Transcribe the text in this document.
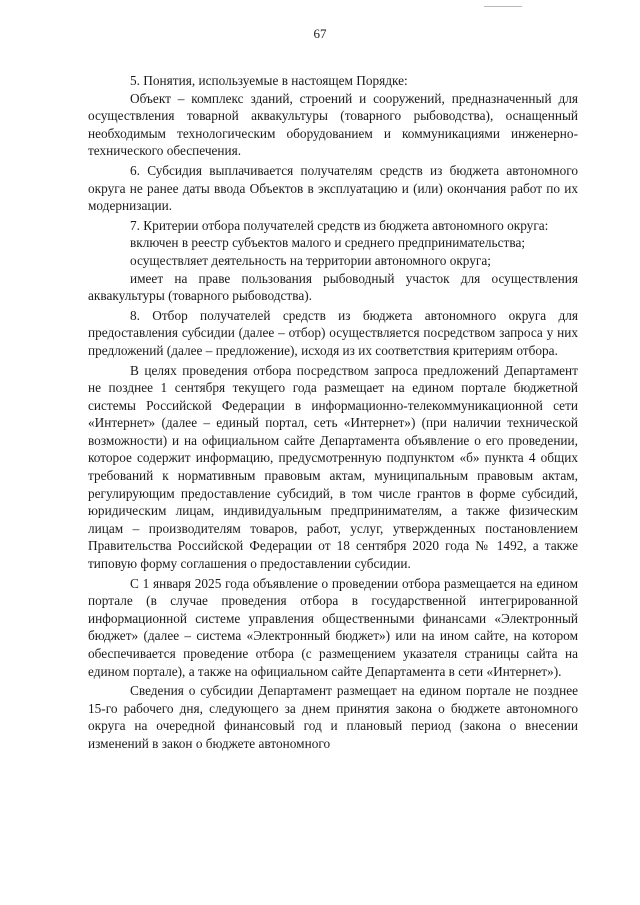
67

5. Понятия, используемые в настоящем Порядке:

Объект – комплекс зданий, строений и сооружений, предназначенный для осуществления товарной аквакультуры (товарного рыбоводства), оснащенный необходимым технологическим оборудованием и коммуникациями инженерно-технического обеспечения.

6. Субсидия выплачивается получателям средств из бюджета автономного округа не ранее даты ввода Объектов в эксплуатацию и (или) окончания работ по их модернизации.

7. Критерии отбора получателей средств из бюджета автономного округа:

включен в реестр субъектов малого и среднего предпринимательства;

осуществляет деятельность на территории автономного округа;

имеет на праве пользования рыбоводный участок для осуществления аквакультуры (товарного рыбоводства).

8. Отбор получателей средств из бюджета автономного округа для предоставления субсидии (далее – отбор) осуществляется посредством запроса у них предложений (далее – предложение), исходя из их соответствия критериям отбора.

В целях проведения отбора посредством запроса предложений Департамент не позднее 1 сентября текущего года размещает на едином портале бюджетной системы Российской Федерации в информационно-телекоммуникационной сети «Интернет» (далее – единый портал, сеть «Интернет») (при наличии технической возможности) и на официальном сайте Департамента объявление о его проведении, которое содержит информацию, предусмотренную подпунктом «б» пункта 4 общих требований к нормативным правовым актам, муниципальным правовым актам, регулирующим предоставление субсидий, в том числе грантов в форме субсидий, юридическим лицам, индивидуальным предпринимателям, а также физическим лицам – производителям товаров, работ, услуг, утвержденных постановлением Правительства Российской Федерации от 18 сентября 2020 года № 1492, а также типовую форму соглашения о предоставлении субсидии.

С 1 января 2025 года объявление о проведении отбора размещается на едином портале (в случае проведения отбора в государственной интегрированной информационной системе управления общественными финансами «Электронный бюджет» (далее – система «Электронный бюджет») или на ином сайте, на котором обеспечивается проведение отбора (с размещением указателя страницы сайта на едином портале), а также на официальном сайте Департамента в сети «Интернет»).

Сведения о субсидии Департамент размещает на едином портале не позднее 15-го рабочего дня, следующего за днем принятия закона о бюджете автономного округа на очередной финансовый год и плановый период (закона о внесении изменений в закон о бюджете автономного
